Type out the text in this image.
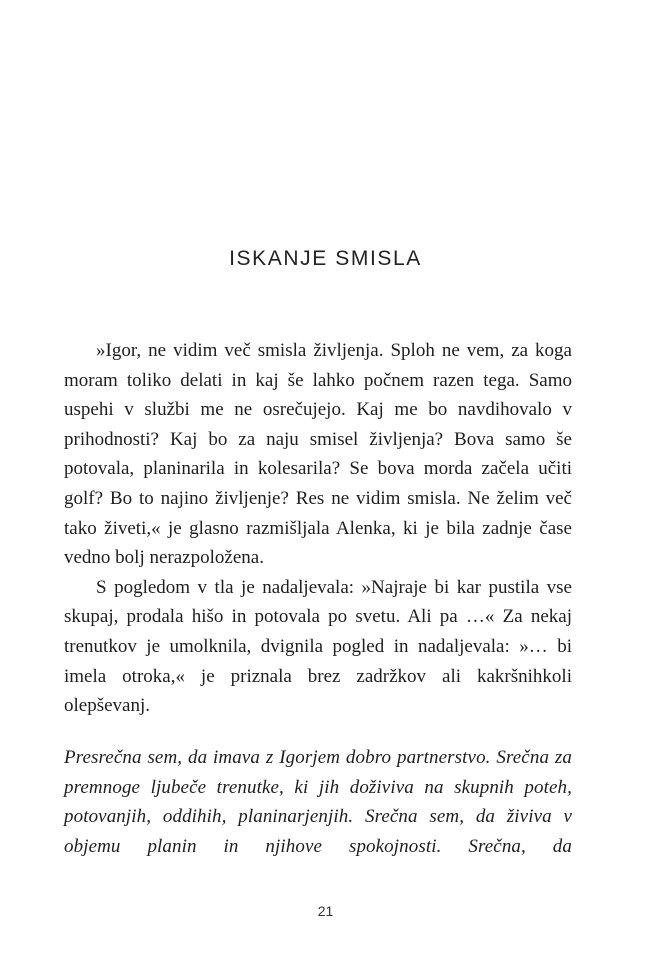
ISKANJE SMISLA

»Igor, ne vidim več smisla življenja. Sploh ne vem, za koga moram toliko delati in kaj še lahko počnem razen tega. Samo uspehi v službi me ne osrečujejo. Kaj me bo navdihovalo v prihodnosti? Kaj bo za naju smisel življenja? Bova samo še potovala, planinarila in kolesarila? Se bova morda začela učiti golf? Bo to najino življenje? Res ne vidim smisla. Ne želim več tako živeti,« je glasno razmišljala Alenka, ki je bila zadnje čase vedno bolj nerazpoložena.

S pogledom v tla je nadaljevala: »Najraje bi kar pustila vse skupaj, prodala hišo in potovala po svetu. Ali pa …« Za nekaj trenutkov je umolknila, dvignila pogled in nadaljevala: »… bi imela otroka,« je priznala brez zadržkov ali kakršnihkoli olepševanj.

Presrečna sem, da imava z Igorjem dobro partnerstvo. Srečna za premnoge ljubeče trenutke, ki jih doživiva na skupnih poteh, potovanjih, oddihih, planinarjenjih. Srečna sem, da živiva v objemu planin in njihove spokojnosti. Srečna, da

21
